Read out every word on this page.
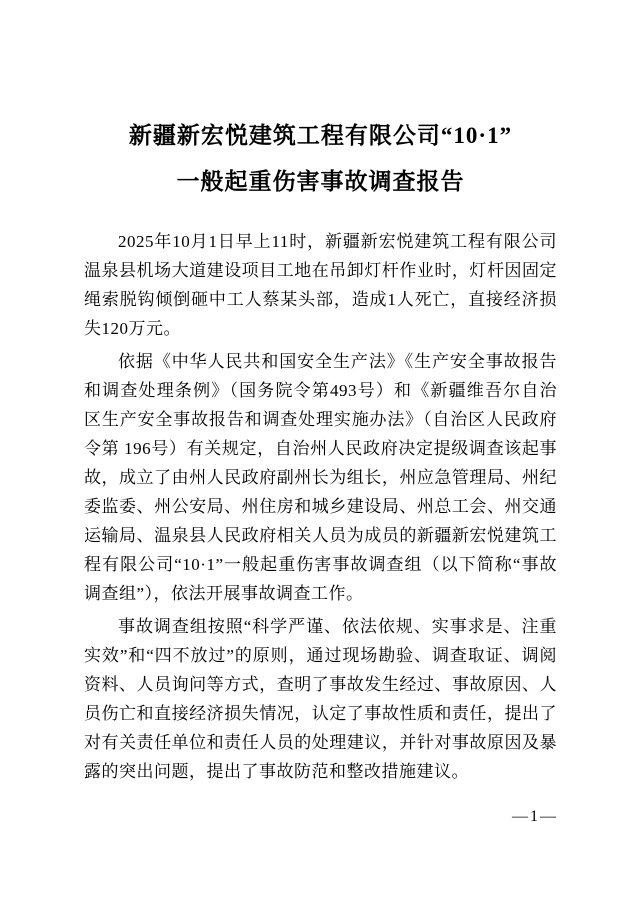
新疆新宏悦建筑工程有限公司“10·1”
一般起重伤害事故调查报告

2025年10月1日早上11时，新疆新宏悦建筑工程有限公司温泉县机场大道建设项目工地在吊卸灯杆作业时，灯杆因固定绳索脱钩倾倒砸中工人蔡某头部，造成1人死亡，直接经济损失120万元。

依据《中华人民共和国安全生产法》《生产安全事故报告和调查处理条例》（国务院令第493号）和《新疆维吾尔自治区生产安全事故报告和调查处理实施办法》（自治区人民政府令第 196号）有关规定，自治州人民政府决定提级调查该起事故，成立了由州人民政府副州长为组长，州应急管理局、州纪委监委、州公安局、州住房和城乡建设局、州总工会、州交通运输局、温泉县人民政府相关人员为成员的新疆新宏悦建筑工程有限公司“10·1”一般起重伤害事故调查组（以下简称“事故调查组”），依法开展事故调查工作。

事故调查组按照“科学严谨、依法依规、实事求是、注重实效”和“四不放过”的原则，通过现场勘验、调查取证、调阅资料、人员询问等方式，查明了事故发生经过、事故原因、人员伤亡和直接经济损失情况，认定了事故性质和责任，提出了对有关责任单位和责任人员的处理建议，并针对事故原因及暴露的突出问题，提出了事故防范和整改措施建议。

—1—
